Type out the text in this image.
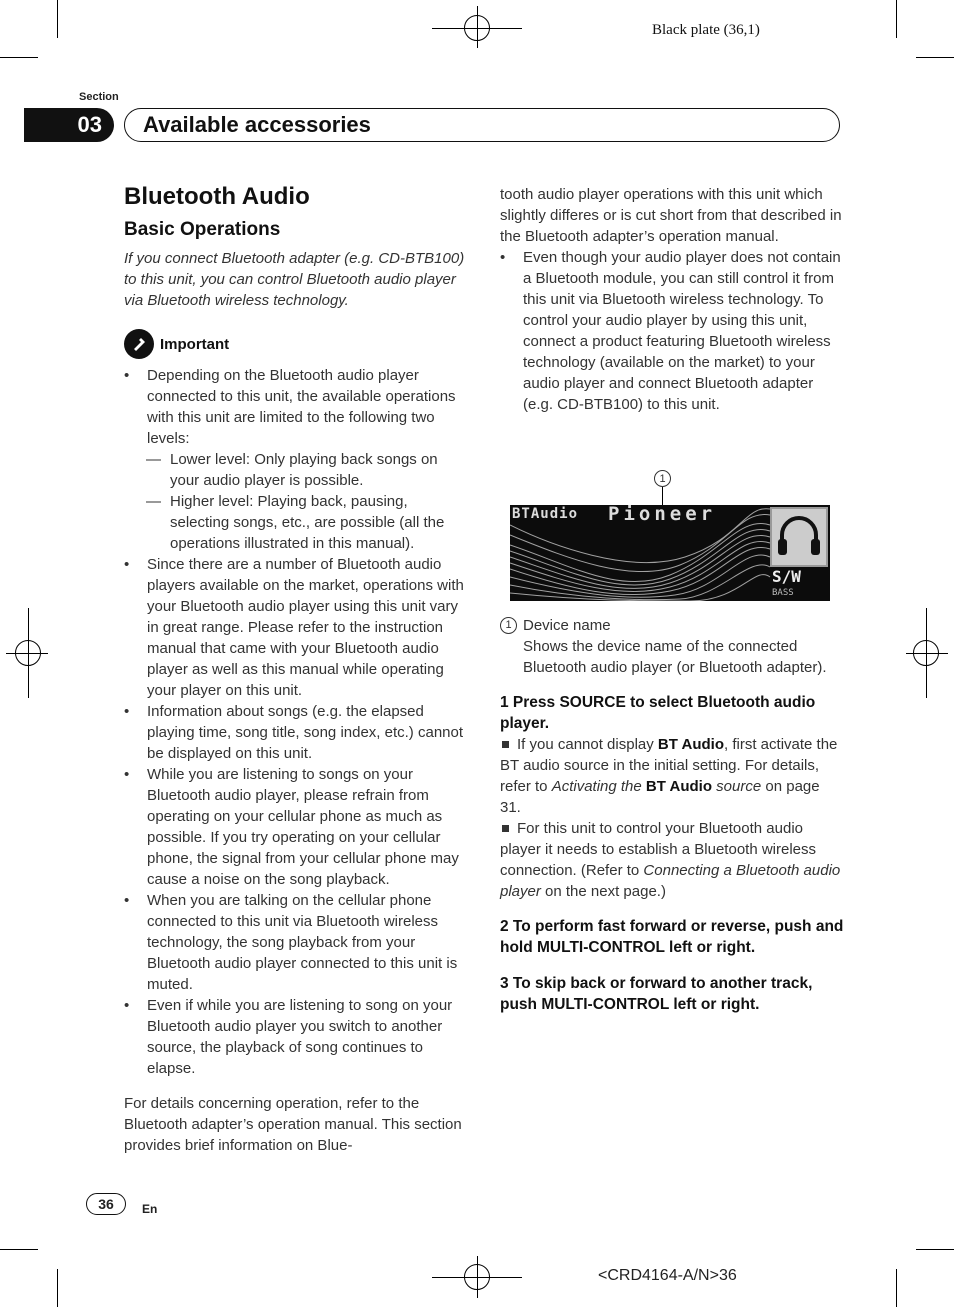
Black plate (36,1)
Section
03	Available accessories
Bluetooth Audio
Basic Operations
If you connect Bluetooth adapter (e.g. CD-BTB100) to this unit, you can control Bluetooth audio player via Bluetooth wireless technology.
Important
• Depending on the Bluetooth audio player connected to this unit, the available operations with this unit are limited to the following two levels:
— Lower level: Only playing back songs on your audio player is possible.
— Higher level: Playing back, pausing, selecting songs, etc., are possible (all the operations illustrated in this manual).
• Since there are a number of Bluetooth audio players available on the market, operations with your Bluetooth audio player using this unit vary in great range. Please refer to the instruction manual that came with your Bluetooth audio player as well as this manual while operating your player on this unit.
• Information about songs (e.g. the elapsed playing time, song title, song index, etc.) cannot be displayed on this unit.
• While you are listening to songs on your Bluetooth audio player, please refrain from operating on your cellular phone as much as possible. If you try operating on your cellular phone, the signal from your cellular phone may cause a noise on the song playback.
• When you are talking on the cellular phone connected to this unit via Bluetooth wireless technology, the song playback from your Bluetooth audio player connected to this unit is muted.
• Even if while you are listening to song on your Bluetooth audio player you switch to another source, the playback of song continues to elapse.
For details concerning operation, refer to the Bluetooth adapter’s operation manual. This section provides brief information on Blue-
tooth audio player operations with this unit which slightly differes or is cut short from that described in the Bluetooth adapter’s operation manual.
• Even though your audio player does not contain a Bluetooth module, you can still control it from this unit via Bluetooth wireless technology. To control your audio player by using this unit, connect a product featuring Bluetooth wireless technology (available on the market) to your audio player and connect Bluetooth adapter (e.g. CD-BTB100) to this unit.
1
BTAudio Pioneer
S/W
BASS
1 Device name
Shows the device name of the connected Bluetooth audio player (or Bluetooth adapter).
1 Press SOURCE to select Bluetooth audio player.
If you cannot display BT Audio, first activate the BT audio source in the initial setting. For details, refer to Activating the BT Audio source on page 31.
For this unit to control your Bluetooth audio player it needs to establish a Bluetooth wireless connection. (Refer to Connecting a Bluetooth audio player on the next page.)
2 To perform fast forward or reverse, push and hold MULTI-CONTROL left or right.
3 To skip back or forward to another track, push MULTI-CONTROL left or right.
36	En
<CRD4164-A/N>36
